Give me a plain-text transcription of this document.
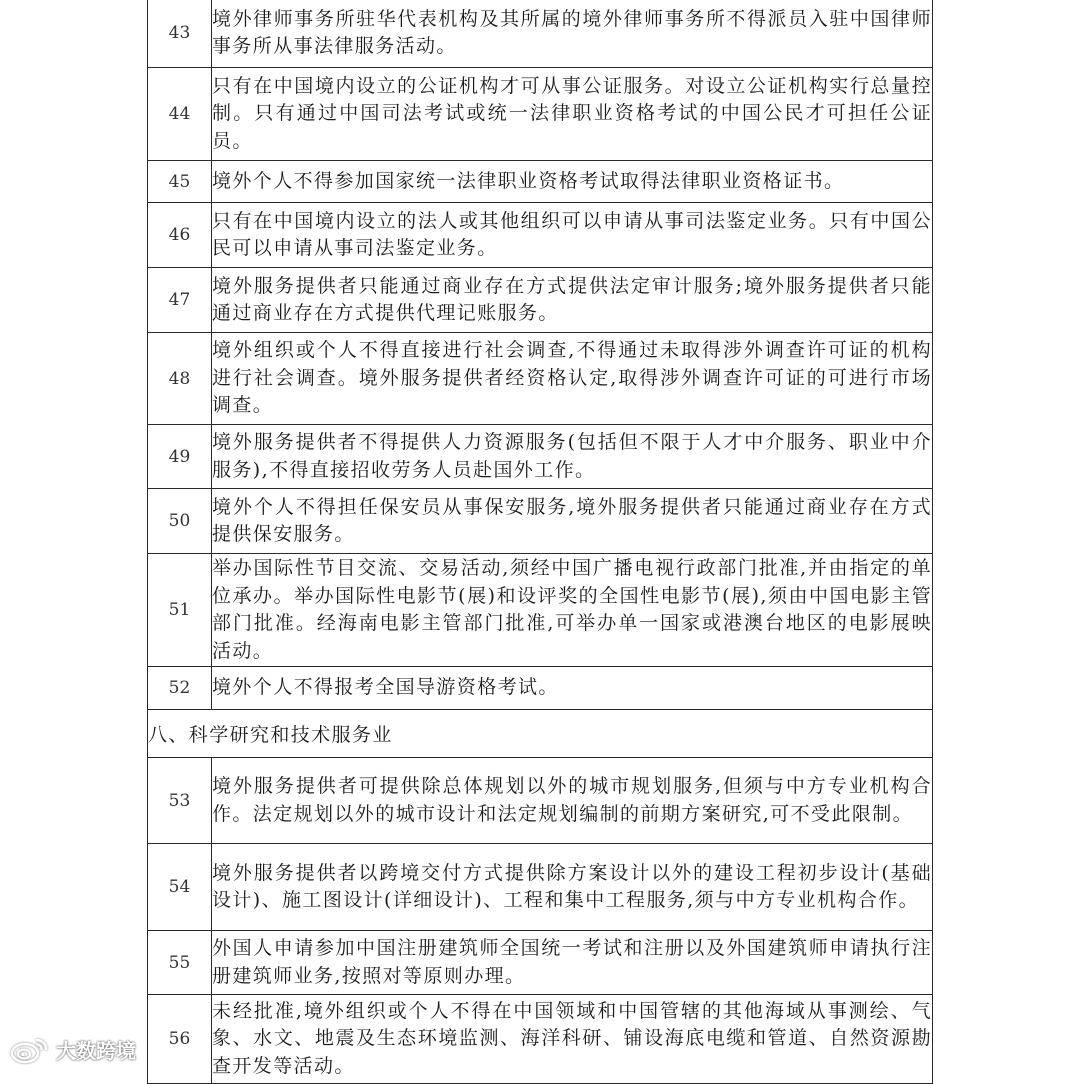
43	境外律师事务所驻华代表机构及其所属的境外律师事务所不得派员入驻中国律师事务所从事法律服务活动。
44	只有在中国境内设立的公证机构才可从事公证服务。对设立公证机构实行总量控制。只有通过中国司法考试或统一法律职业资格考试的中国公民才可担任公证员。
45	境外个人不得参加国家统一法律职业资格考试取得法律职业资格证书。
46	只有在中国境内设立的法人或其他组织可以申请从事司法鉴定业务。只有中国公民可以申请从事司法鉴定业务。
47	境外服务提供者只能通过商业存在方式提供法定审计服务;境外服务提供者只能通过商业存在方式提供代理记账服务。
48	境外组织或个人不得直接进行社会调查,不得通过未取得涉外调查许可证的机构进行社会调查。境外服务提供者经资格认定,取得涉外调查许可证的可进行市场调查。
49	境外服务提供者不得提供人力资源服务(包括但不限于人才中介服务、职业中介服务),不得直接招收劳务人员赴国外工作。
50	境外个人不得担任保安员从事保安服务,境外服务提供者只能通过商业存在方式提供保安服务。
51	举办国际性节目交流、交易活动,须经中国广播电视行政部门批准,并由指定的单位承办。举办国际性电影节(展)和设评奖的全国性电影节(展),须由中国电影主管部门批准。经海南电影主管部门批准,可举办单一国家或港澳台地区的电影展映活动。
52	境外个人不得报考全国导游资格考试。
八、科学研究和技术服务业	
53	境外服务提供者可提供除总体规划以外的城市规划服务,但须与中方专业机构合作。法定规划以外的城市设计和法定规划编制的前期方案研究,可不受此限制。
54	境外服务提供者以跨境交付方式提供除方案设计以外的建设工程初步设计(基础设计)、施工图设计(详细设计)、工程和集中工程服务,须与中方专业机构合作。
55	外国人申请参加中国注册建筑师全国统一考试和注册以及外国建筑师申请执行注册建筑师业务,按照对等原则办理。
56	未经批准,境外组织或个人不得在中国领域和中国管辖的其他海域从事测绘、气象、水文、地震及生态环境监测、海洋科研、铺设海底电缆和管道、自然资源勘查开发等活动。
大数跨境
